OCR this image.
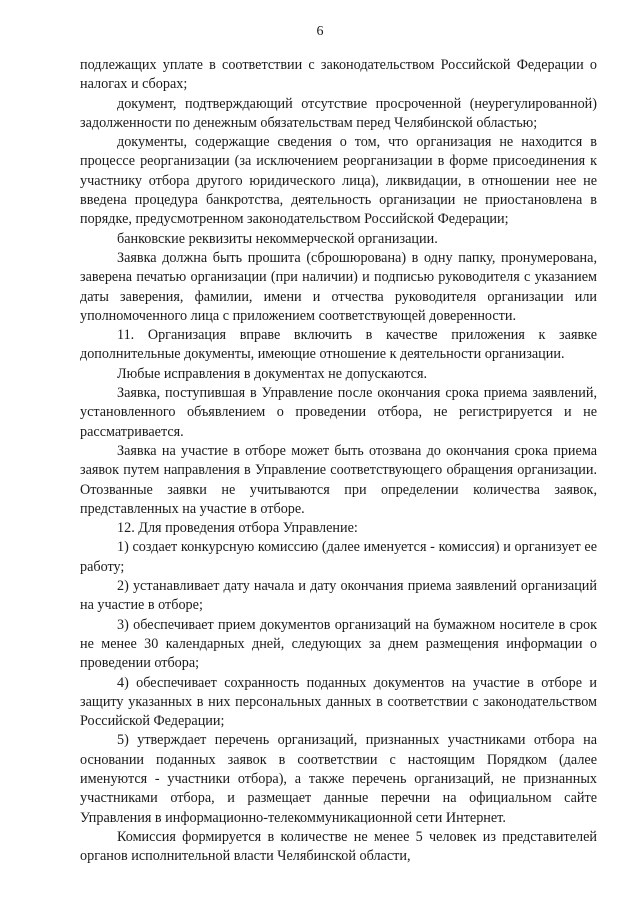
6

подлежащих уплате в соответствии с законодательством Российской Федерации о налогах и сборах;

документ, подтверждающий отсутствие просроченной (неурегулированной) задолженности по денежным обязательствам перед Челябинской областью;

документы, содержащие сведения о том, что организация не находится в процессе реорганизации (за исключением реорганизации в форме присоединения к участнику отбора другого юридического лица), ликвидации, в отношении нее не введена процедура банкротства, деятельность организации не приостановлена в порядке, предусмотренном законодательством Российской Федерации;

банковские реквизиты некоммерческой организации.

Заявка должна быть прошита (сброшюрована) в одну папку, пронумерована, заверена печатью организации (при наличии) и подписью руководителя с указанием даты заверения, фамилии, имени и отчества руководителя организации или уполномоченного лица с приложением соответствующей доверенности.

11. Организация вправе включить в качестве приложения к заявке дополнительные документы, имеющие отношение к деятельности организации.

Любые исправления в документах не допускаются.

Заявка, поступившая в Управление после окончания срока приема заявлений, установленного объявлением о проведении отбора, не регистрируется и не рассматривается.

Заявка на участие в отборе может быть отозвана до окончания срока приема заявок путем направления в Управление соответствующего обращения организации. Отозванные заявки не учитываются при определении количества заявок, представленных на участие в отборе.

12. Для проведения отбора Управление:

1) создает конкурсную комиссию (далее именуется - комиссия) и организует ее работу;

2) устанавливает дату начала и дату окончания приема заявлений организаций на участие в отборе;

3) обеспечивает прием документов организаций на бумажном носителе в срок не менее 30 календарных дней, следующих за днем размещения информации о проведении отбора;

4) обеспечивает сохранность поданных документов на участие в отборе и защиту указанных в них персональных данных в соответствии с законодательством Российской Федерации;

5) утверждает перечень организаций, признанных участниками отбора на основании поданных заявок в соответствии с настоящим Порядком (далее именуются - участники отбора), а также перечень организаций, не признанных участниками отбора, и размещает данные перечни на официальном сайте Управления в информационно-телекоммуникационной сети Интернет.

Комиссия формируется в количестве не менее 5 человек из представителей органов исполнительной власти Челябинской области,
